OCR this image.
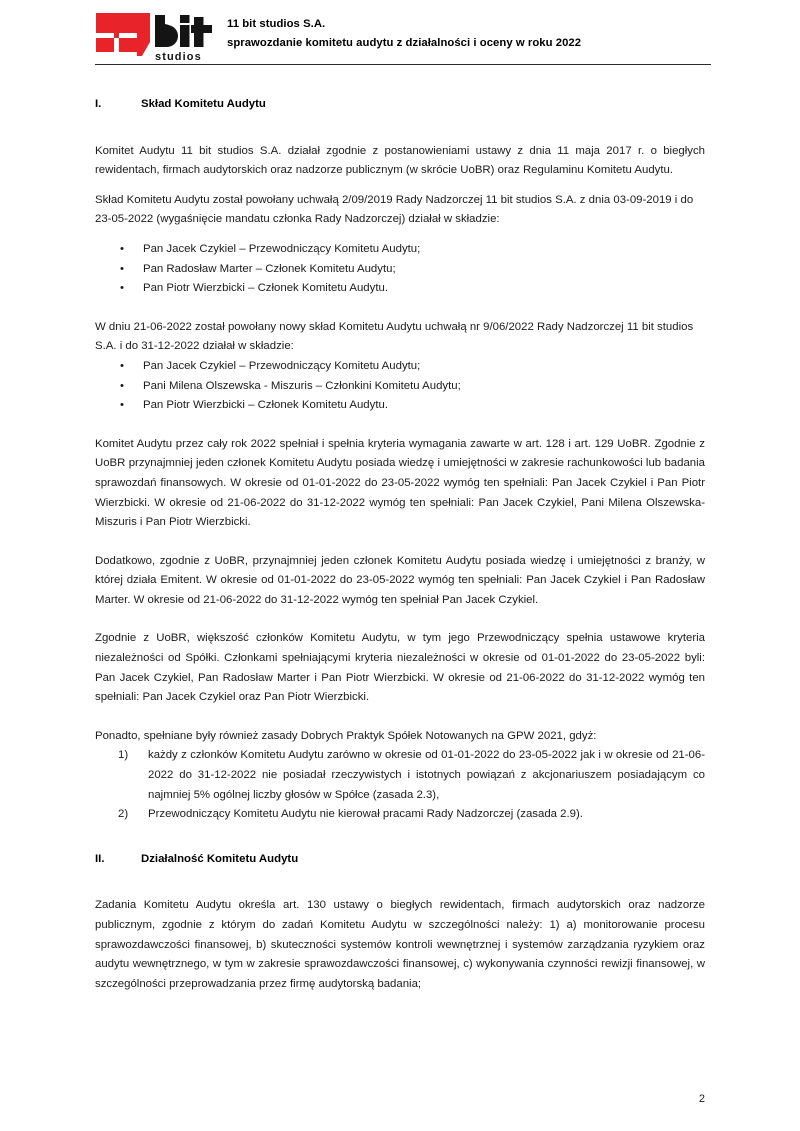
studios
11 bit studios S.A.
sprawozdanie komitetu audytu z działalności i oceny w roku 2022
I.	Skład Komitetu Audytu

Komitet Audytu 11 bit studios S.A. działał zgodnie z postanowieniami ustawy z dnia 11 maja 2017 r. o biegłych rewidentach, firmach audytorskich oraz nadzorze publicznym (w skrócie UoBR) oraz Regulaminu Komitetu Audytu.

Skład Komitetu Audytu został powołany uchwałą 2/09/2019 Rady Nadzorczej 11 bit studios S.A. z dnia 03-09-2019 i do 23-05-2022 (wygaśnięcie mandatu członka Rady Nadzorczej) działał w składzie:

•	Pan Jacek Czykiel – Przewodniczący Komitetu Audytu;
•	Pan Radosław Marter – Członek Komitetu Audytu;
•	Pan Piotr Wierzbicki – Członek Komitetu Audytu.

W dniu 21-06-2022 został powołany nowy skład Komitetu Audytu uchwałą nr 9/06/2022 Rady Nadzorczej 11 bit studios S.A. i do 31-12-2022 działał w składzie:

•	Pan Jacek Czykiel – Przewodniczący Komitetu Audytu;
•	Pani Milena Olszewska - Miszuris – Członkini Komitetu Audytu;
•	Pan Piotr Wierzbicki – Członek Komitetu Audytu.

Komitet Audytu przez cały rok 2022 spełniał i spełnia kryteria wymagania zawarte w art. 128 i art. 129 UoBR. Zgodnie z UoBR przynajmniej jeden członek Komitetu Audytu posiada wiedzę i umiejętności w zakresie rachunkowości lub badania sprawozdań finansowych. W okresie od 01-01-2022 do 23-05-2022 wymóg ten spełniali: Pan Jacek Czykiel i Pan Piotr Wierzbicki. W okresie od 21-06-2022 do 31-12-2022 wymóg ten spełniali: Pan Jacek Czykiel, Pani Milena Olszewska-Miszuris i Pan Piotr Wierzbicki.

Dodatkowo, zgodnie z UoBR, przynajmniej jeden członek Komitetu Audytu posiada wiedzę i umiejętności z branży, w której działa Emitent. W okresie od 01-01-2022 do 23-05-2022 wymóg ten spełniali: Pan Jacek Czykiel i Pan Radosław Marter. W okresie od 21-06-2022 do 31-12-2022 wymóg ten spełniał Pan Jacek Czykiel.

Zgodnie z UoBR, większość członków Komitetu Audytu, w tym jego Przewodniczący spełnia ustawowe kryteria niezależności od Spółki. Członkami spełniającymi kryteria niezależności w okresie od 01-01-2022 do 23-05-2022 byli: Pan Jacek Czykiel, Pan Radosław Marter i Pan Piotr Wierzbicki. W okresie od 21-06-2022 do 31-12-2022 wymóg ten spełniali: Pan Jacek Czykiel oraz Pan Piotr Wierzbicki.

Ponadto, spełniane były również zasady Dobrych Praktyk Spółek Notowanych na GPW 2021, gdyż:

1)	każdy z członków Komitetu Audytu zarówno w okresie od 01-01-2022 do 23-05-2022 jak i w okresie od 21-06-2022 do 31-12-2022 nie posiadał rzeczywistych i istotnych powiązań z akcjonariuszem posiadającym co najmniej 5% ogólnej liczby głosów w Spółce (zasada 2.3),
2)	Przewodniczący Komitetu Audytu nie kierował pracami Rady Nadzorczej (zasada 2.9).
II.	Działalność Komitetu Audytu

Zadania Komitetu Audytu określa art. 130 ustawy o biegłych rewidentach, firmach audytorskich oraz nadzorze publicznym, zgodnie z którym do zadań Komitetu Audytu w szczególności należy: 1) a) monitorowanie procesu sprawozdawczości finansowej, b) skuteczności systemów kontroli wewnętrznej i systemów zarządzania ryzykiem oraz audytu wewnętrznego, w tym w zakresie sprawozdawczości finansowej, c) wykonywania czynności rewizji finansowej, w szczególności przeprowadzania przez firmę audytorską badania;

2
